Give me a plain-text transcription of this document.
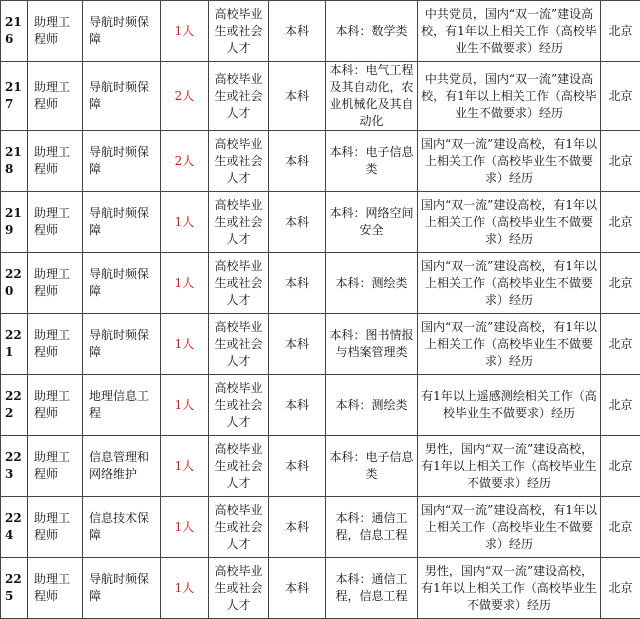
216	助理工程师	导航时频保障	1人	高校毕业生或社会人才	本科	本科：数学类	中共党员，国内“双一流”建设高校，有1年以上相关工作（高校毕业生不做要求）经历	北京
217	助理工程师	导航时频保障	2人	高校毕业生或社会人才	本科	本科：电气工程及其自动化，农业机械化及其自动化	中共党员，国内“双一流”建设高校，有1年以上相关工作（高校毕业生不做要求）经历	北京
218	助理工程师	导航时频保障	2人	高校毕业生或社会人才	本科	本科：电子信息类	国内“双一流”建设高校，有1年以上相关工作（高校毕业生不做要求）经历	北京
219	助理工程师	导航时频保障	1人	高校毕业生或社会人才	本科	本科：网络空间安全	国内“双一流”建设高校，有1年以上相关工作（高校毕业生不做要求）经历	北京
220	助理工程师	导航时频保障	1人	高校毕业生或社会人才	本科	本科：测绘类	国内“双一流”建设高校，有1年以上相关工作（高校毕业生不做要求）经历	北京
221	助理工程师	导航时频保障	1人	高校毕业生或社会人才	本科	本科：图书情报与档案管理类	国内“双一流”建设高校，有1年以上相关工作（高校毕业生不做要求）经历	北京
222	助理工程师	地理信息工程	1人	高校毕业生或社会人才	本科	本科：测绘类	有1年以上遥感测绘相关工作（高校毕业生不做要求）经历	北京
223	助理工程师	信息管理和网络维护	1人	高校毕业生或社会人才	本科	本科：电子信息类	男性，国内“双一流”建设高校，有1年以上相关工作（高校毕业生不做要求）经历	北京
224	助理工程师	信息技术保障	1人	高校毕业生或社会人才	本科	本科：通信工程，信息工程	国内“双一流”建设高校，有1年以上相关工作（高校毕业生不做要求）经历	北京
225	助理工程师	导航时频保障	1人	高校毕业生或社会人才	本科	本科：通信工程，信息工程	男性，国内“双一流”建设高校，有1年以上相关工作（高校毕业生不做要求）经历	北京
